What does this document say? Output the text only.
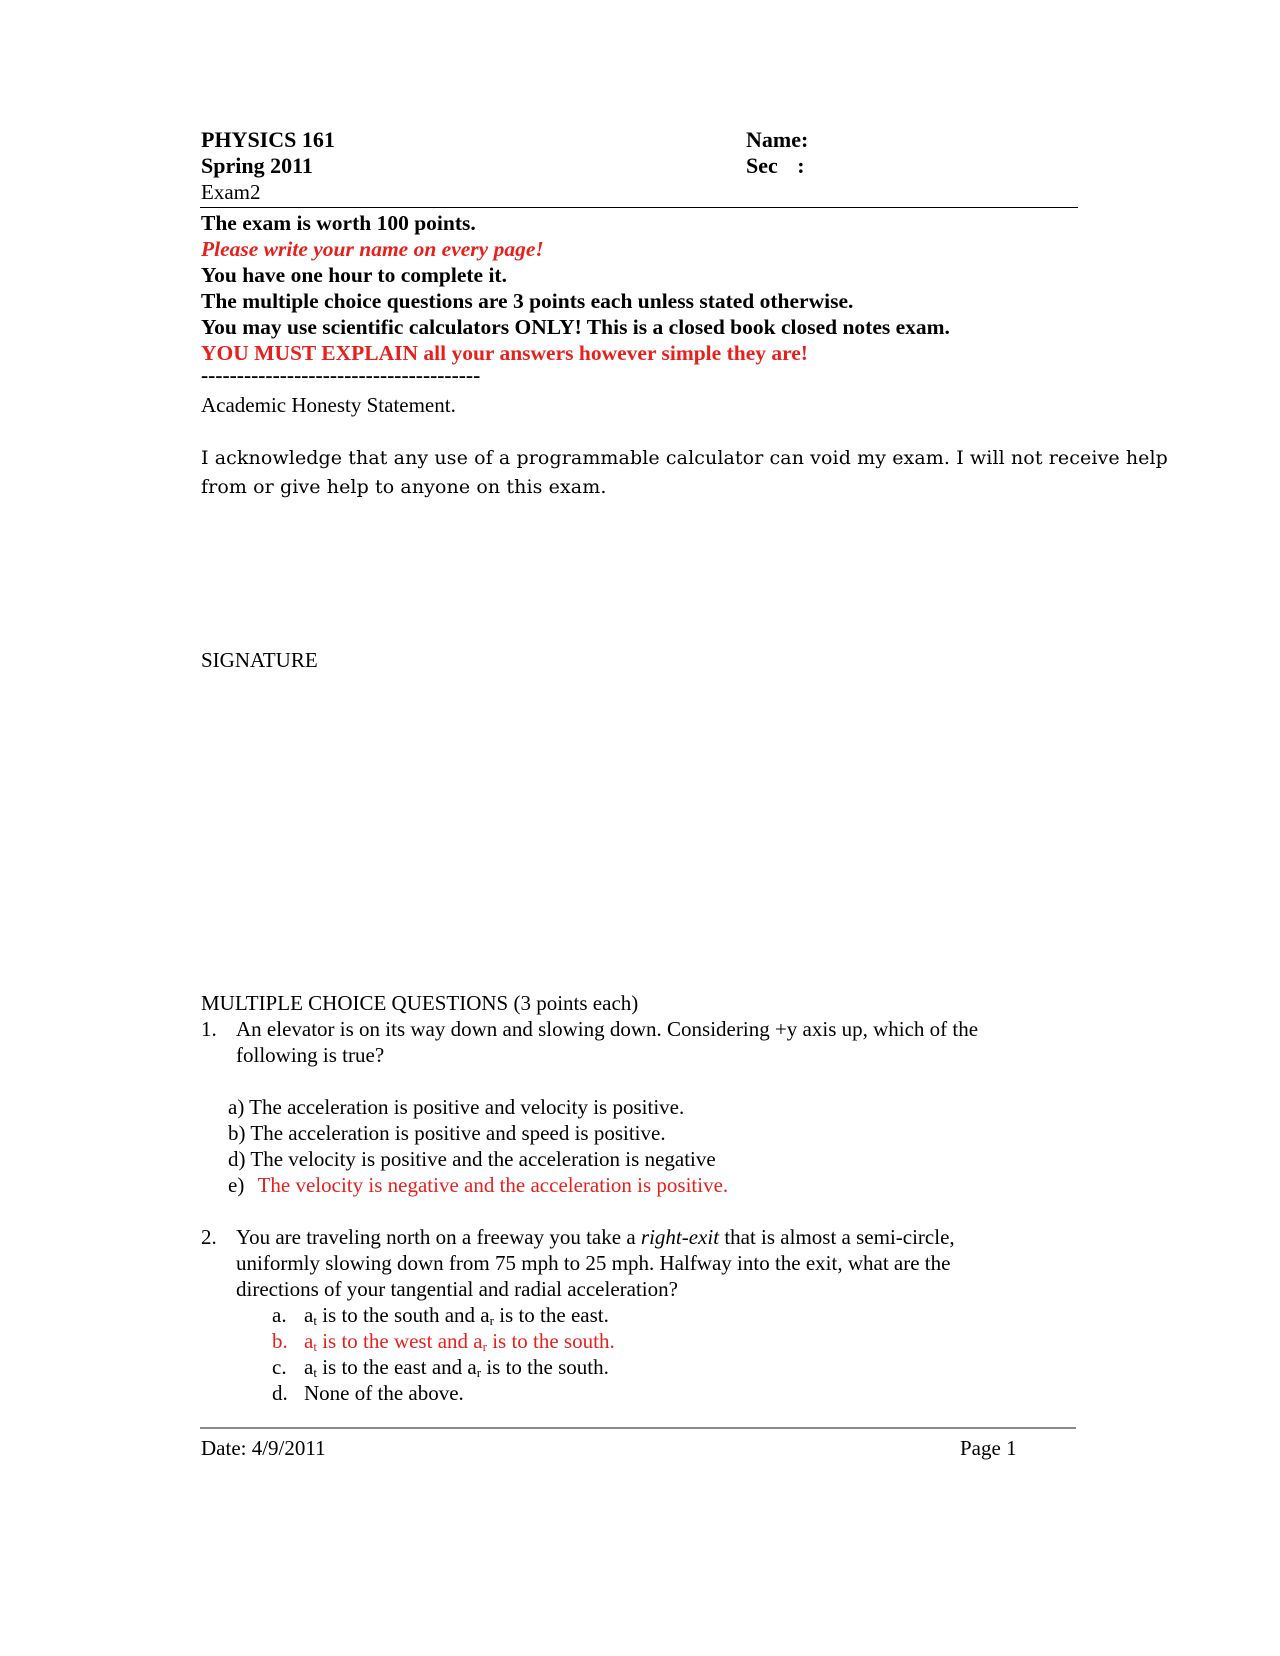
PHYSICS 161
Spring 2011
Exam2
Name:
Sec :
The exam is worth 100 points.
Please write your name on every page!
You have one hour to complete it.
The multiple choice questions are 3 points each unless stated otherwise.
You may use scientific calculators ONLY! This is a closed book closed notes exam.
YOU MUST EXPLAIN all your answers however simple they are!
---------------------------------------
Academic Honesty Statement.
I acknowledge that any use of a programmable calculator can void my exam. I will not receive help
from or give help to anyone on this exam.
SIGNATURE
MULTIPLE CHOICE QUESTIONS (3 points each)
1. An elevator is on its way down and slowing down. Considering +y axis up, which of the
following is true?
a) The acceleration is positive and velocity is positive.
b) The acceleration is positive and speed is positive.
d) The velocity is positive and the acceleration is negative
e) The velocity is negative and the acceleration is positive.
2. You are traveling north on a freeway you take a right-exit that is almost a semi-circle,
uniformly slowing down from 75 mph to 25 mph. Halfway into the exit, what are the
directions of your tangential and radial acceleration?
a. $a_t$ is to the south and $a_r$ is to the east.
b. $a_t$ is to the west and $a_r$ is to the south.
c. $a_t$ is to the east and $a_r$ is to the south.
d. None of the above.
Date: 4/9/2011	Page 1
